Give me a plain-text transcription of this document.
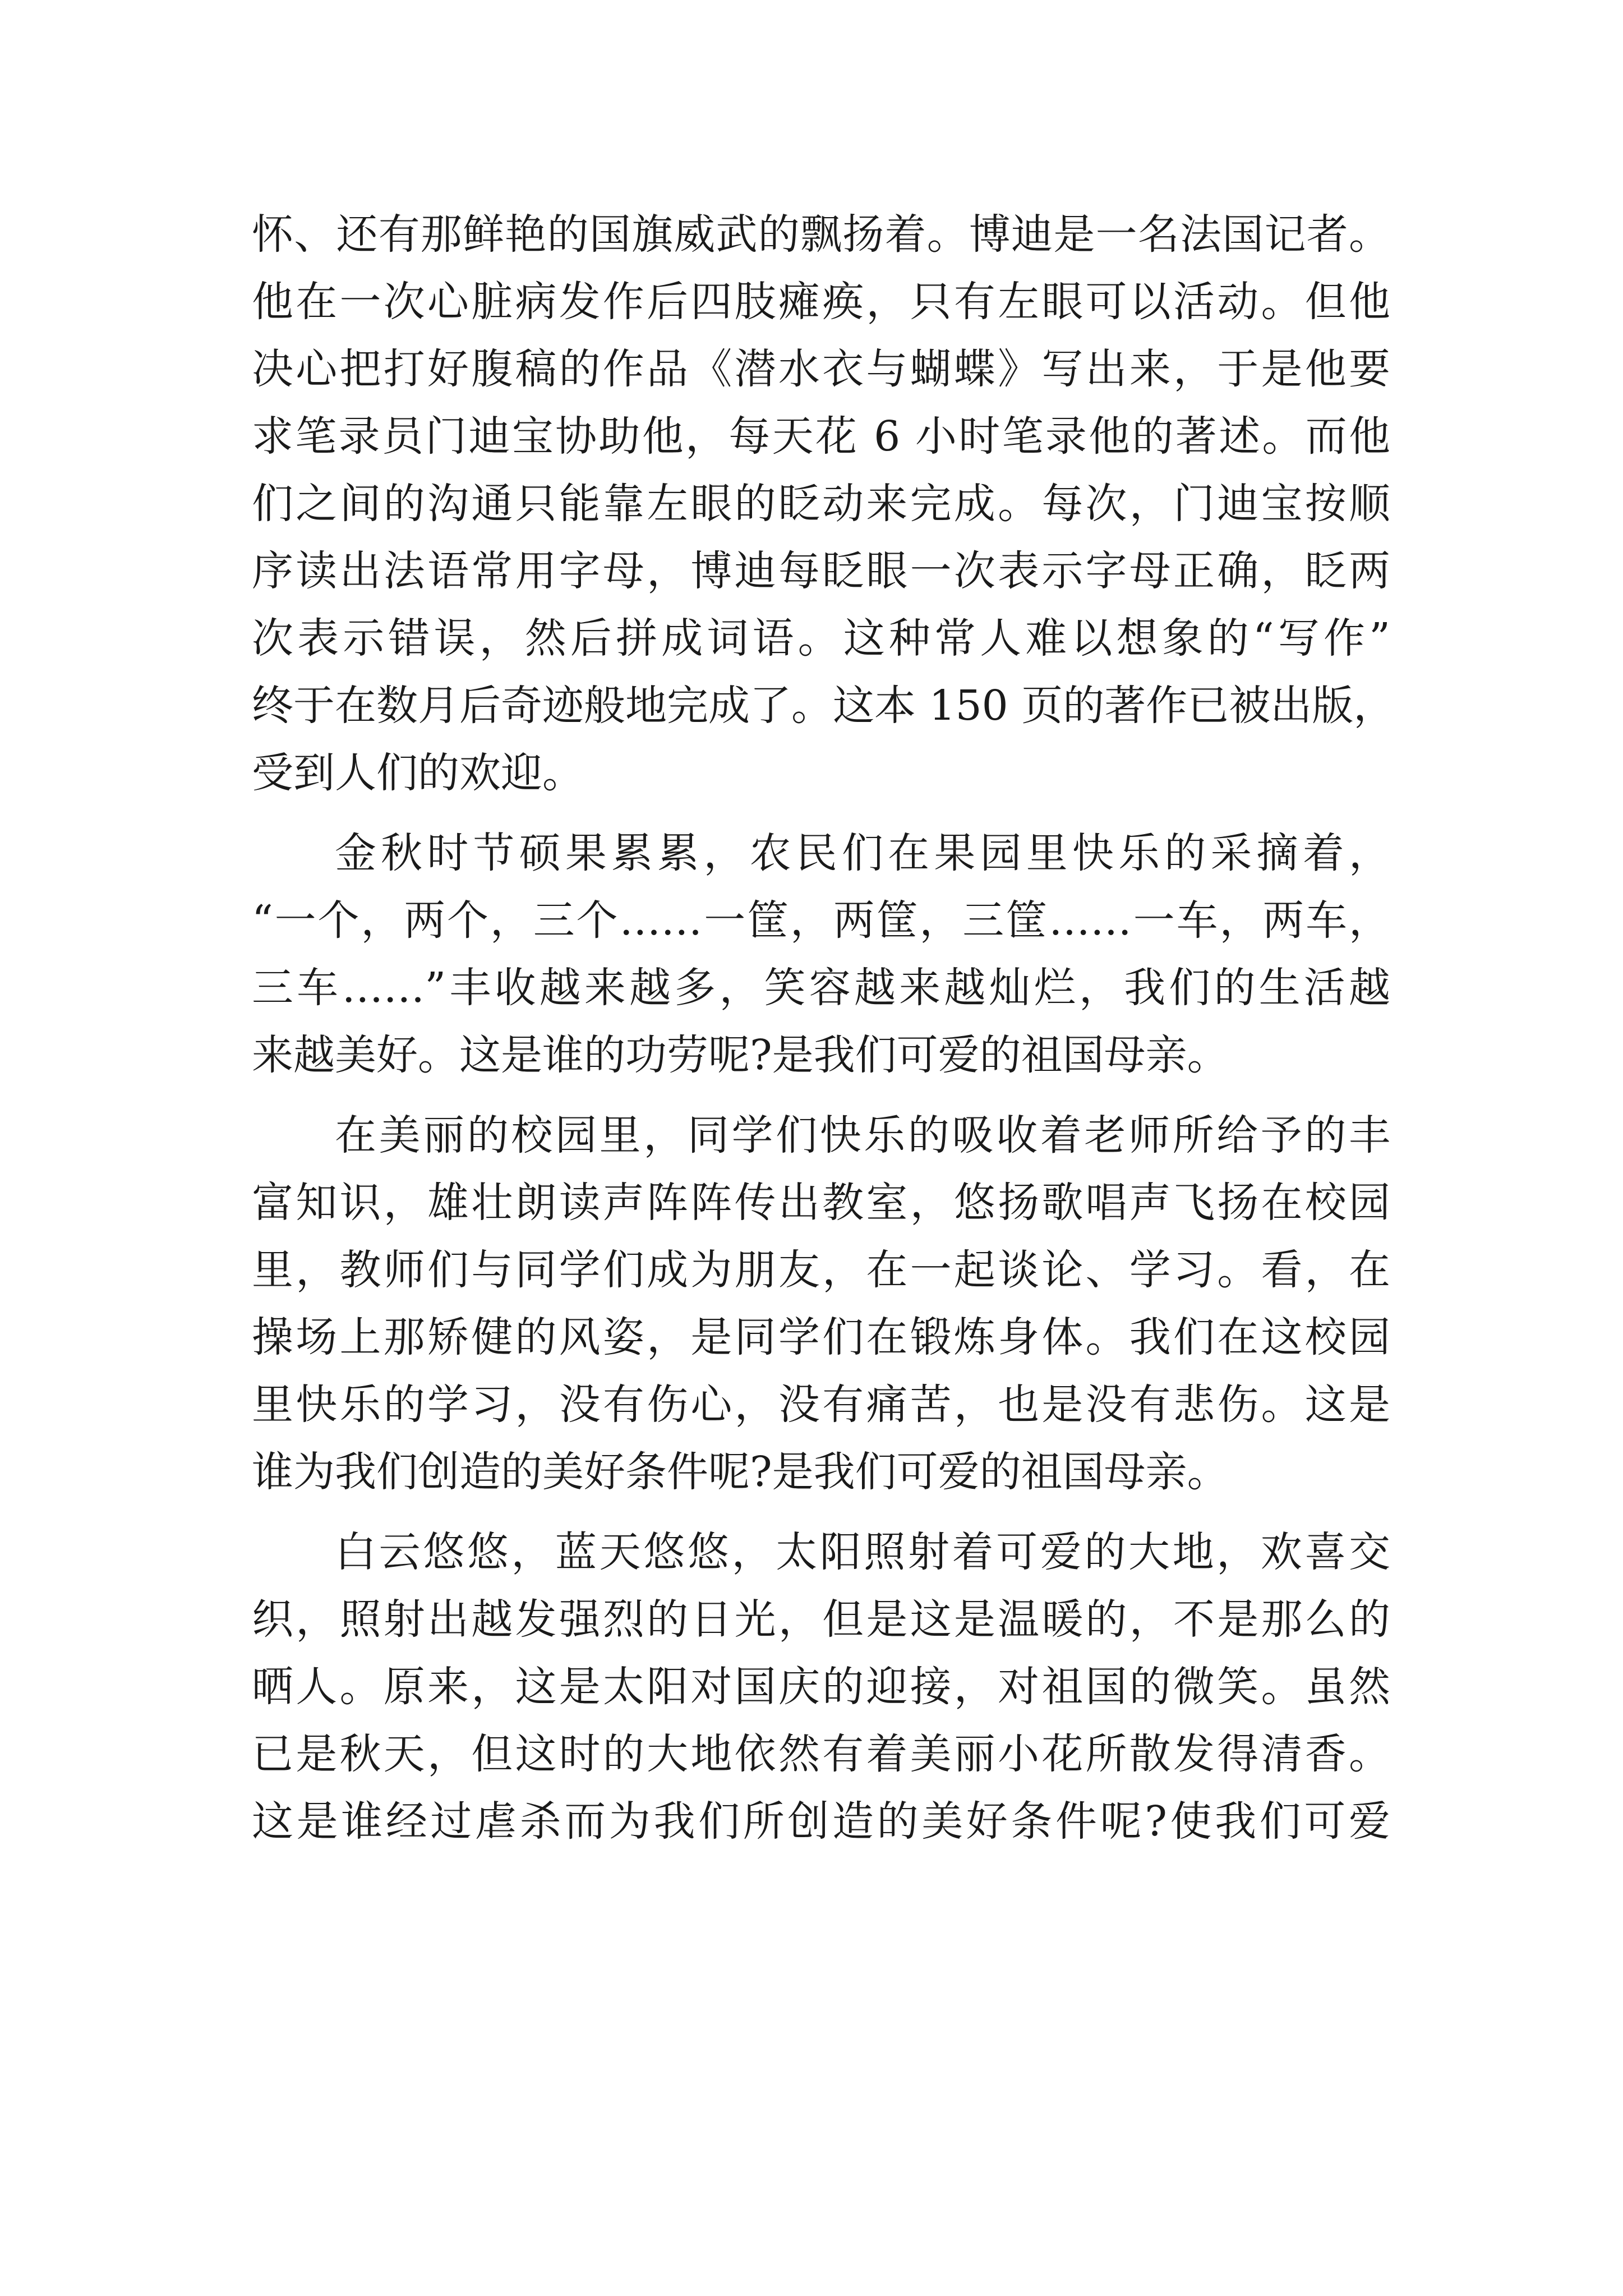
怀、还有那鲜艳的国旗威武的飘扬着。博迪是一名法国记者。
他在一次心脏病发作后四肢瘫痪，只有左眼可以活动。但他
决心把打好腹稿的作品《潜水衣与蝴蝶》写出来，于是他要
求笔录员门迪宝协助他，每天花 6 小时笔录他的著述。而他
们之间的沟通只能靠左眼的眨动来完成。每次，门迪宝按顺
序读出法语常用字母，博迪每眨眼一次表示字母正确，眨两
次表示错误，然后拼成词语。这种常人难以想象的“写作”
终于在数月后奇迹般地完成了。这本 150 页的著作已被出版，
受到人们的欢迎。
金秋时节硕果累累，农民们在果园里快乐的采摘着，
“一个，两个，三个……一筐，两筐，三筐……一车，两车，
三车……”丰收越来越多，笑容越来越灿烂，我们的生活越
来越美好。这是谁的功劳呢?是我们可爱的祖国母亲。
在美丽的校园里，同学们快乐的吸收着老师所给予的丰
富知识，雄壮朗读声阵阵传出教室，悠扬歌唱声飞扬在校园
里，教师们与同学们成为朋友，在一起谈论、学习。看，在
操场上那矫健的风姿，是同学们在锻炼身体。我们在这校园
里快乐的学习，没有伤心，没有痛苦，也是没有悲伤。这是
谁为我们创造的美好条件呢?是我们可爱的祖国母亲。
白云悠悠，蓝天悠悠，太阳照射着可爱的大地，欢喜交
织，照射出越发强烈的日光，但是这是温暖的，不是那么的
晒人。原来，这是太阳对国庆的迎接，对祖国的微笑。虽然
已是秋天，但这时的大地依然有着美丽小花所散发得清香。
这是谁经过虐杀而为我们所创造的美好条件呢?使我们可爱
